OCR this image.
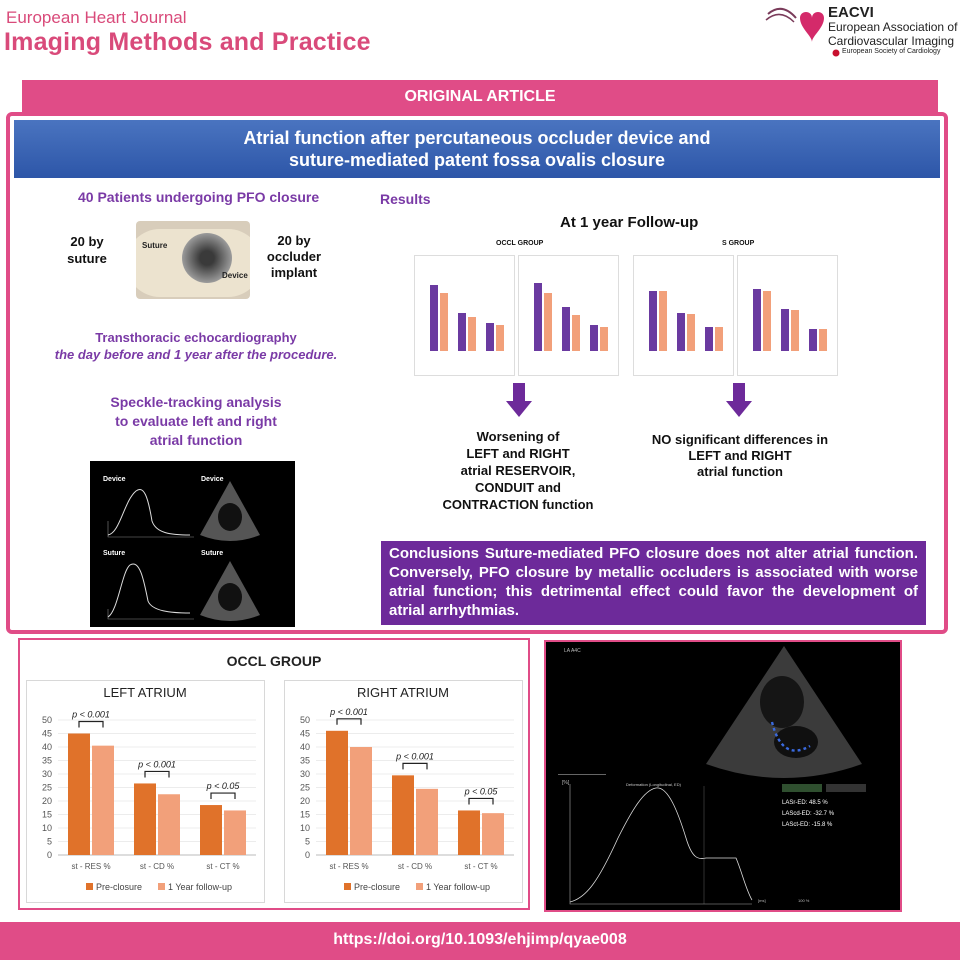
European Heart Journal
Imaging Methods and Practice
EACVI
European Association of
Cardiovascular Imaging
European Society of Cardiology
ORIGINAL ARTICLE
Atrial function after percutaneous occluder device and
suture-mediated patent fossa ovalis closure
40 Patients undergoing PFO closure
20 by
suture
Suture
Device
20 by
occluder
implant
Transthoracic echocardiography
the day before and 1 year after the procedure.
Speckle-tracking analysis
to evaluate left and right
atrial function
Device	Device
Suture	Suture
Results
At 1 year Follow-up
OCCL GROUP	S GROUP
Worsening of
LEFT and RIGHT
atrial RESERVOIR,
CONDUIT and
CONTRACTION function
NO significant differences in
LEFT and RIGHT
atrial function
Conclusions Suture-mediated PFO closure does not alter atrial function. Conversely, PFO closure by metallic occluders is associated with worse atrial function; this detrimental effect could favor the development of atrial arrhythmias.
OCCL GROUP
LEFT ATRIUM
0
5
10
15
20
25
30
35
40
45
50
st - RES %
p < 0.001
st - CD %
p < 0.001
st - CT %
p < 0.05
Pre-closure	1 Year follow-up
RIGHT ATRIUM
0
5
10
15
20
25
30
35
40
45
50
st - RES %
p < 0.001
st - CD %
p < 0.001
st - CT %
p < 0.05
Pre-closure	1 Year follow-up
LA A4C
[%]	Deformation (Longitudinal, ED)
[ms]
LASr-ED: 48.5 %
LAScd-ED: -32.7 %
LASct-ED: -15.8 %
100 %
https://doi.org/10.1093/ehjimp/qyae008
